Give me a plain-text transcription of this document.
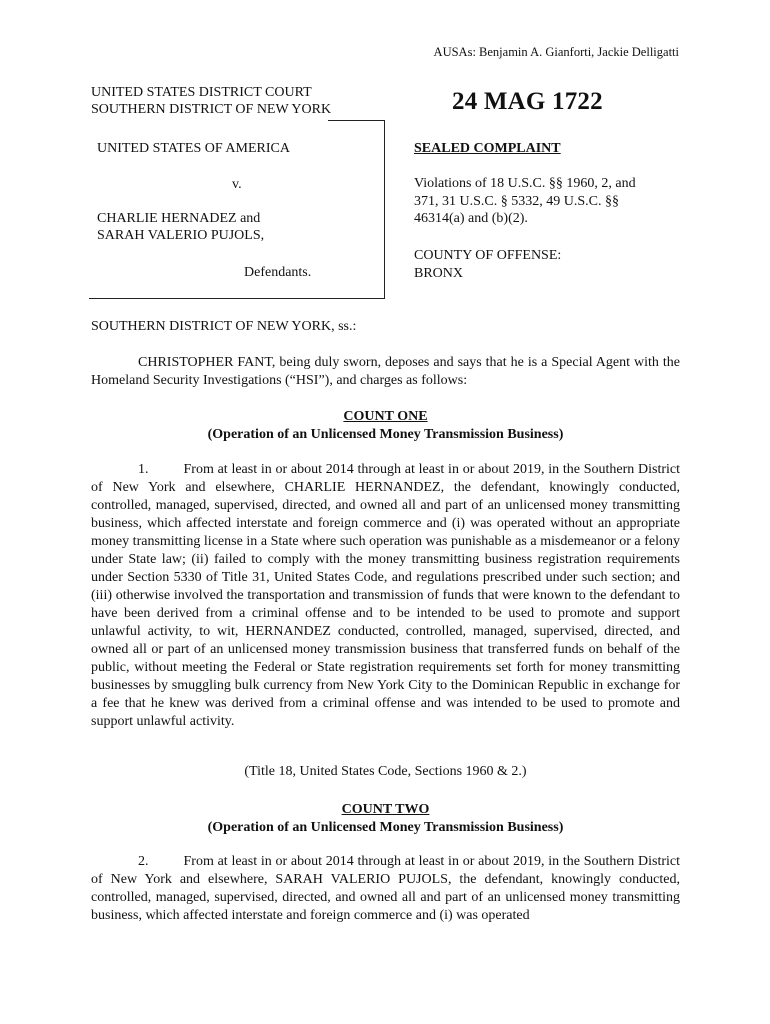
AUSAs: Benjamin A. Gianforti, Jackie Delligatti
UNITED STATES DISTRICT COURT
SOUTHERN DISTRICT OF NEW YORK	24 MAG 1722
UNITED STATES OF AMERICA
v.
CHARLIE HERNADEZ and
SARAH VALERIO PUJOLS,
Defendants.
SEALED COMPLAINT
Violations of 18 U.S.C. §§ 1960, 2, and
371, 31 U.S.C. § 5332, 49 U.S.C. §§
46314(a) and (b)(2).
COUNTY OF OFFENSE:
BRONX
SOUTHERN DISTRICT OF NEW YORK, ss.:
CHRISTOPHER FANT, being duly sworn, deposes and says that he is a Special Agent with the Homeland Security Investigations (“HSI”), and charges as follows:
COUNT ONE
(Operation of an Unlicensed Money Transmission Business)
1.   	From at least in or about 2014 through at least in or about 2019, in the Southern District of New York and elsewhere, CHARLIE HERNANDEZ, the defendant, knowingly conducted, controlled, managed, supervised, directed, and owned all and part of an unlicensed money transmitting business, which affected interstate and foreign commerce and (i) was operated without an appropriate money transmitting license in a State where such operation was punishable as a misdemeanor or a felony under State law; (ii) failed to comply with the money transmitting business registration requirements under Section 5330 of Title 31, United States Code, and regulations prescribed under such section; and (iii) otherwise involved the transportation and transmission of funds that were known to the defendant to have been derived from a criminal offense and to be intended to be used to promote and support unlawful activity, to wit, HERNANDEZ conducted, controlled, managed, supervised, directed, and owned all or part of an unlicensed money transmission business that transferred funds on behalf of the public, without meeting the Federal or State registration requirements set forth for money transmitting businesses by smuggling bulk currency from New York City to the Dominican Republic in exchange for a fee that he knew was derived from a criminal offense and was intended to be used to promote and support unlawful activity.
(Title 18, United States Code, Sections 1960 & 2.)
COUNT TWO
(Operation of an Unlicensed Money Transmission Business)
2.   	From at least in or about 2014 through at least in or about 2019, in the Southern District of New York and elsewhere, SARAH VALERIO PUJOLS, the defendant, knowingly conducted, controlled, managed, supervised, directed, and owned all and part of an unlicensed money transmitting business, which affected interstate and foreign commerce and (i) was operated
